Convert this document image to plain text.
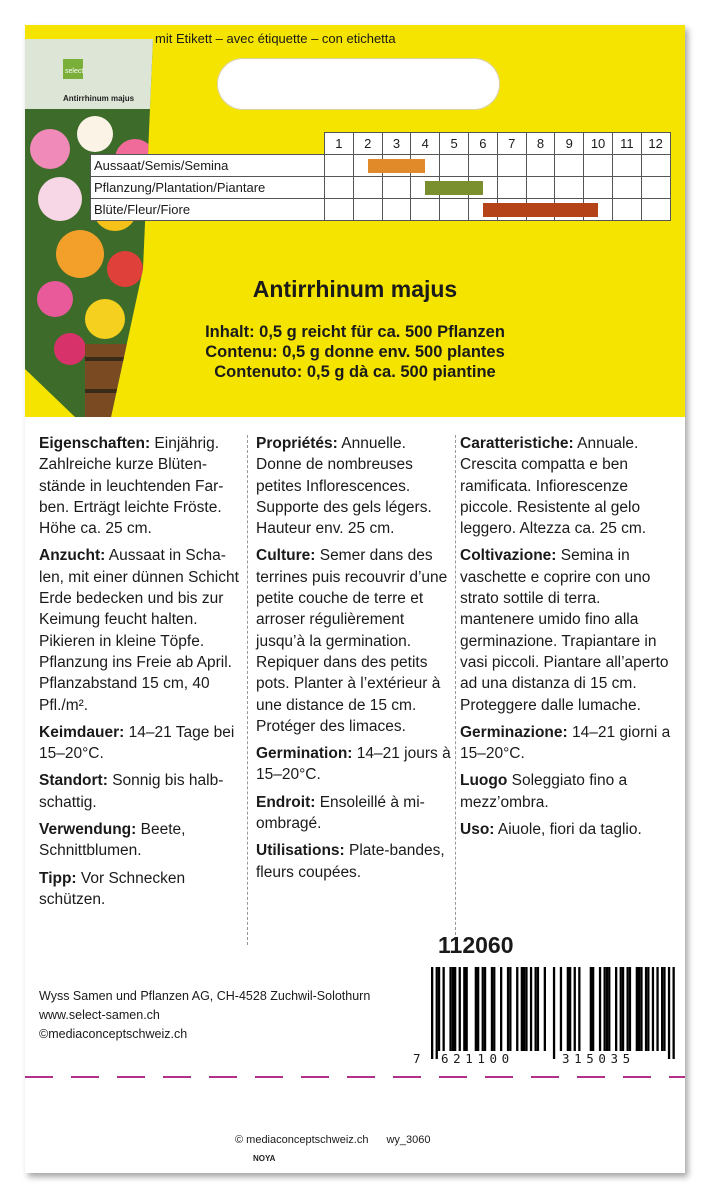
mit Etikett – avec étiquette – con etichetta
select
Antirrhinum majus
	1	2	3	4	5	6	7	8	9	10	11	12
Aussaat/Semis/Semina												
Pflanzung/Plantation/Piantare												
Blüte/Fleur/Fiore												
Antirrhinum majus
Inhalt: 0,5 g reicht für ca. 500 Pflanzen
Contenu: 0,5 g donne env. 500 plantes
Contenuto: 0,5 g dà ca. 500 piantine

Eigenschaften: Einjährig. Zahlreiche kurze Blütenstände in leuchtenden Farben. Erträgt leichte Fröste. Höhe ca. 25 cm.

Anzucht: Aussaat in Schalen, mit einer dünnen Schicht Erde bedecken und bis zur Keimung feucht halten. Pikieren in kleine Töpfe. Pflanzung ins Freie ab April. Pflanzabstand 15 cm, 40 Pfl./m².

Keimdauer: 14–21 Tage bei 15–20°C.

Standort: Sonnig bis halbschattig.

Verwendung: Beete, Schnittblumen.

Tipp: Vor Schnecken schützen.

Propriétés: Annuelle. Donne de nombreuses petites Inflorescences. Supporte des gels légers. Hauteur env. 25 cm.

Culture: Semer dans des terrines puis recouvrir d’une petite couche de terre et arroser régulièrement jusqu’à la germination. Repiquer dans des petits pots. Planter à l’extérieur à une distance de 15 cm. Protéger des limaces.

Germination: 14–21 jours à 15–20°C.

Endroit: Ensoleillé à mi-ombragé.

Utilisations: Plate-bandes, fleurs coupées.

Caratteristiche: Annuale. Crescita compatta e ben ramificata. Infiorescenze piccole. Resistente al gelo leggero. Altezza ca. 25 cm.

Coltivazione: Semina in vaschette e coprire con uno strato sottile di terra. mantenere umido fino alla germinazione. Trapiantare in vasi piccoli. Piantare all’aperto ad una distanza di 15 cm. Proteggere dalle lumache.

Germinazione: 14–21 giorni a 15–20°C.

Luogo Soleggiato fino a mezz’ombra.

Uso: Aiuole, fiori da taglio.

112060
Wyss Samen und Pflanzen AG, CH-4528 Zuchwil-Solothurn
www.select-samen.ch
©mediaconceptschweiz.ch
7 621100	315035
© mediaconceptschweiz.ch wy_3060
NOYA
